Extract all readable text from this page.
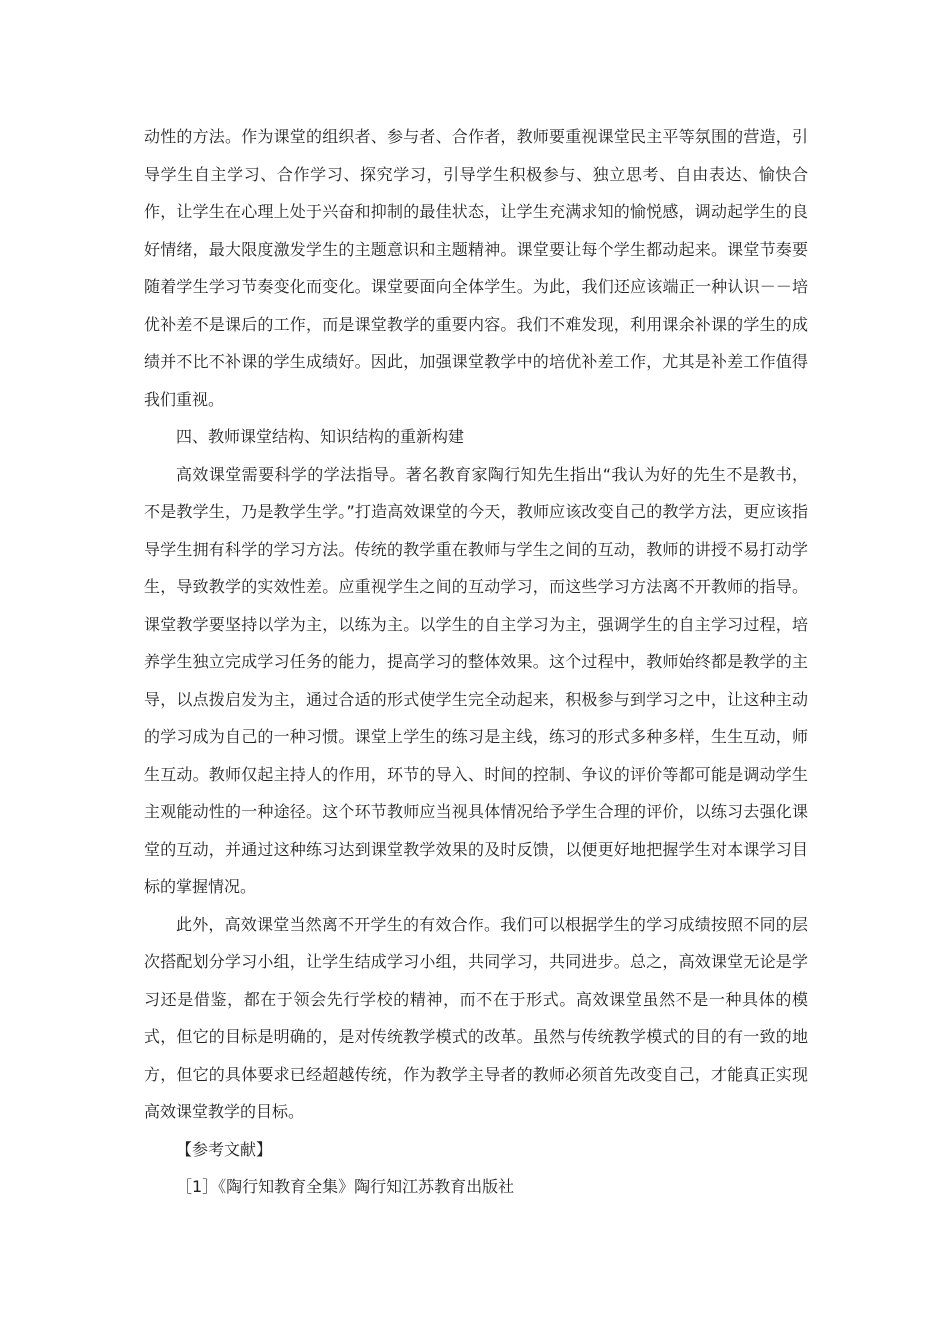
动性的方法。作为课堂的组织者、参与者、合作者，教师要重视课堂民主平等氛围的营造，引导学生自主学习、合作学习、探究学习，引导学生积极参与、独立思考、自由表达、愉快合作，让学生在心理上处于兴奋和抑制的最佳状态，让学生充满求知的愉悦感，调动起学生的良好情绪，最大限度激发学生的主题意识和主题精神。课堂要让每个学生都动起来。课堂节奏要随着学生学习节奏变化而变化。课堂要面向全体学生。为此，我们还应该端正一种认识－－培优补差不是课后的工作，而是课堂教学的重要内容。我们不难发现，利用课余补课的学生的成绩并不比不补课的学生成绩好。因此，加强课堂教学中的培优补差工作，尤其是补差工作值得我们重视。

四、教师课堂结构、知识结构的重新构建

高效课堂需要科学的学法指导。著名教育家陶行知先生指出“我认为好的先生不是教书，不是教学生，乃是教学生学。”打造高效课堂的今天，教师应该改变自己的教学方法，更应该指导学生拥有科学的学习方法。传统的教学重在教师与学生之间的互动，教师的讲授不易打动学生，导致教学的实效性差。应重视学生之间的互动学习，而这些学习方法离不开教师的指导。课堂教学要坚持以学为主，以练为主。以学生的自主学习为主，强调学生的自主学习过程，培养学生独立完成学习任务的能力，提高学习的整体效果。这个过程中，教师始终都是教学的主导，以点拨启发为主，通过合适的形式使学生完全动起来，积极参与到学习之中，让这种主动的学习成为自己的一种习惯。课堂上学生的练习是主线，练习的形式多种多样，生生互动，师生互动。教师仅起主持人的作用，环节的导入、时间的控制、争议的评价等都可能是调动学生主观能动性的一种途径。这个环节教师应当视具体情况给予学生合理的评价，以练习去强化课堂的互动，并通过这种练习达到课堂教学效果的及时反馈，以便更好地把握学生对本课学习目标的掌握情况。

此外，高效课堂当然离不开学生的有效合作。我们可以根据学生的学习成绩按照不同的层次搭配划分学习小组，让学生结成学习小组，共同学习，共同进步。总之，高效课堂无论是学习还是借鉴，都在于领会先行学校的精神，而不在于形式。高效课堂虽然不是一种具体的模式，但它的目标是明确的，是对传统教学模式的改革。虽然与传统教学模式的目的有一致的地方，但它的具体要求已经超越传统，作为教学主导者的教师必须首先改变自己，才能真正实现高效课堂教学的目标。

【参考文献】

［1］《陶行知教育全集》陶行知江苏教育出版社
